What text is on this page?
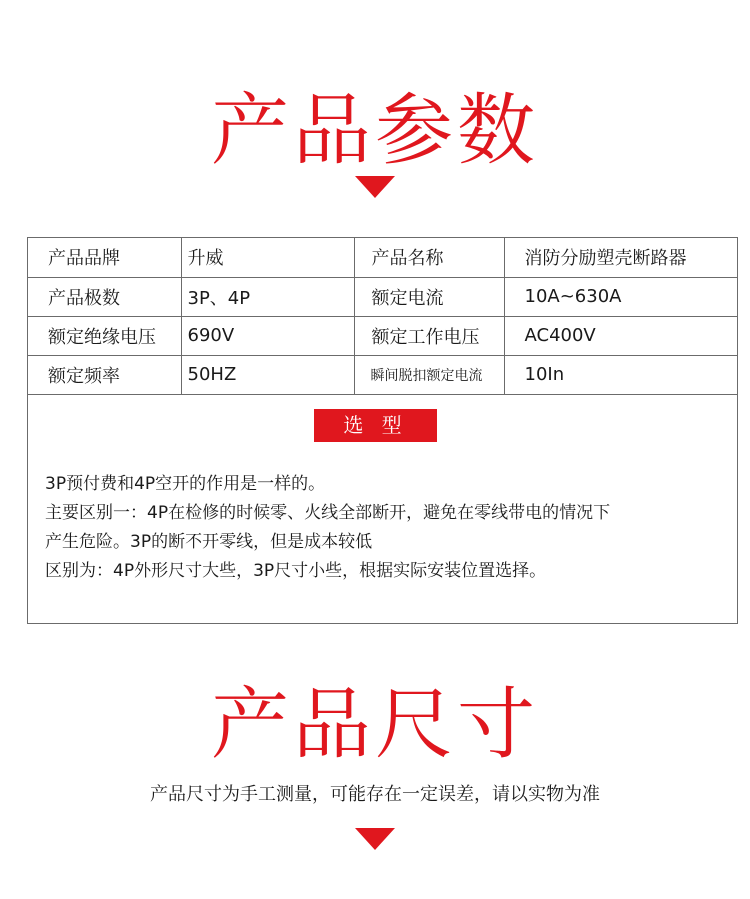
产品参数
产品品牌	升威	产品名称	消防分励塑壳断路器
产品极数	3P、4P	额定电流	10A~630A
额定绝缘电压	690V	额定工作电压	AC400V
额定频率	50HZ	瞬间脱扣额定电流	10In
选 型
3P预付费和4P空开的作用是一样的。
主要区别一：4P在检修的时候零、火线全部断开，避免在零线带电的情况下
产生危险。3P的断不开零线，但是成本较低
区别为：4P外形尺寸大些，3P尺寸小些，根据实际安装位置选择。
产品尺寸
产品尺寸为手工测量，可能存在一定误差，请以实物为准
